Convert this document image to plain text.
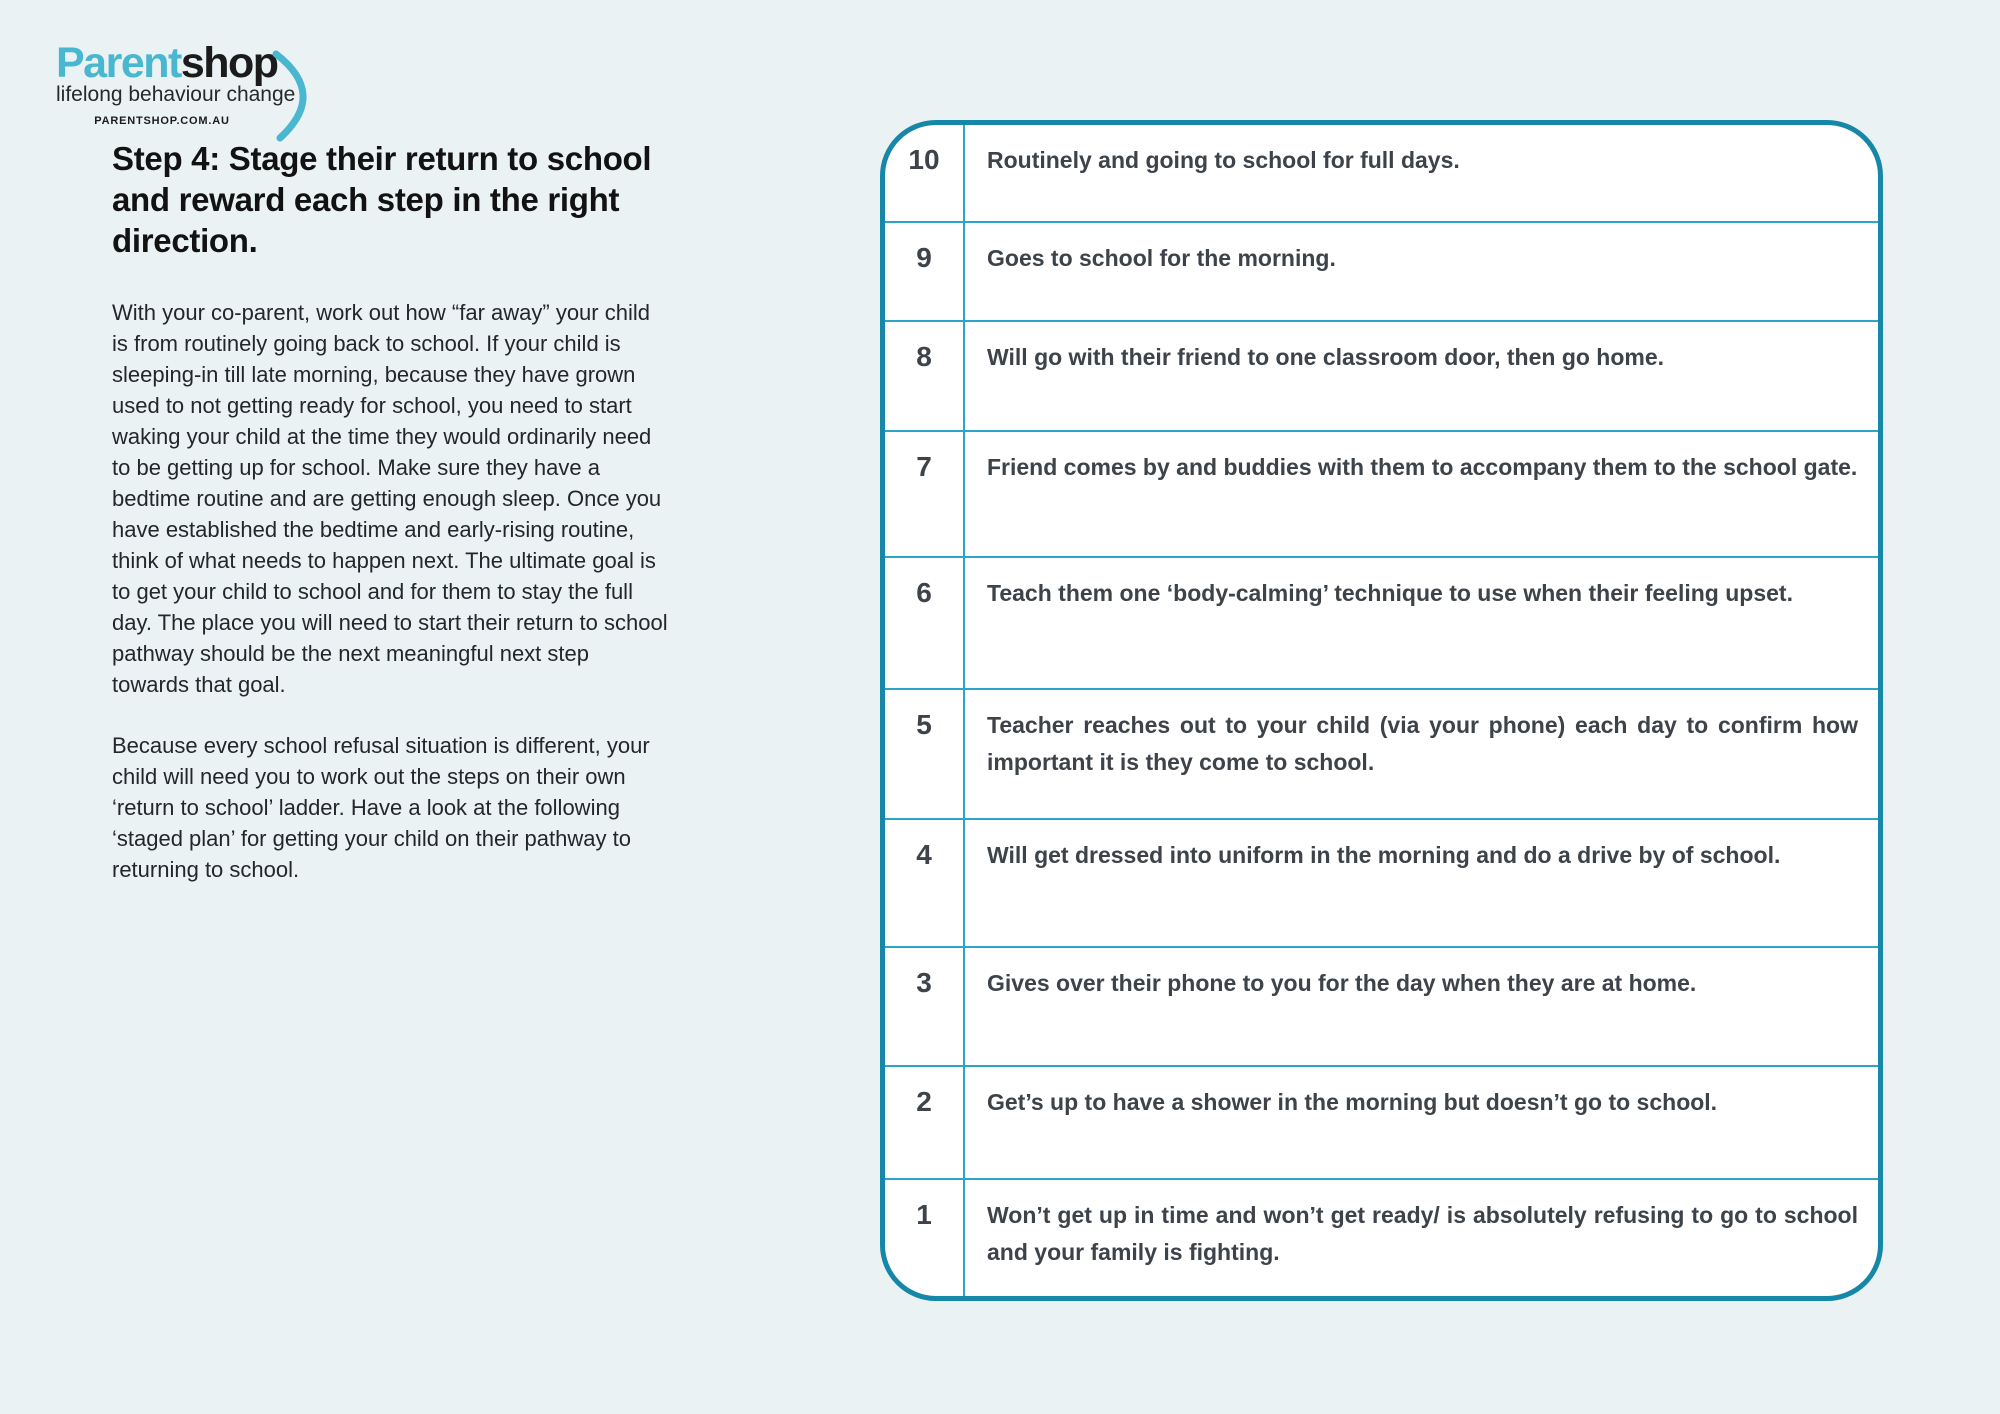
Parentshop
lifelong behaviour change
PARENTSHOP.COM.AU
Step 4: Stage their return to school and reward each step in the right direction.

With your co-parent, work out how “far away” your child is from routinely going back to school. If your child is sleeping-in till late morning, because they have grown used to not getting ready for school, you need to start waking your child at the time they would ordinarily need to be getting up for school. Make sure they have a bedtime routine and are getting enough sleep. Once you have established the bedtime and early-rising routine, think of what needs to happen next. The ultimate goal is to get your child to school and for them to stay the full day. The place you will need to start their return to school pathway should be the next meaningful next step towards that goal.

Because every school refusal situation is different, your child will need you to work out the steps on their own ‘return to school’ ladder. Have a look at the following ‘staged plan’ for getting your child on their pathway to returning to school.

10	Routinely and going to school for full days.
9	Goes to school for the morning.
8	Will go with their friend to one classroom door, then go home.
7	Friend comes by and buddies with them to accompany them to the school gate.
6	Teach them one ‘body-calming’ technique to use when their feeling upset.
5	Teacher reaches out to your child (via your phone) each day to confirm how important it is they come to school.
4	Will get dressed into uniform in the morning and do a drive by of school.
3	Gives over their phone to you for the day when they are at home.
2	Get’s up to have a shower in the morning but doesn’t go to school.
1	Won’t get up in time and won’t get ready/ is absolutely refusing to go to school and your family is fighting.
